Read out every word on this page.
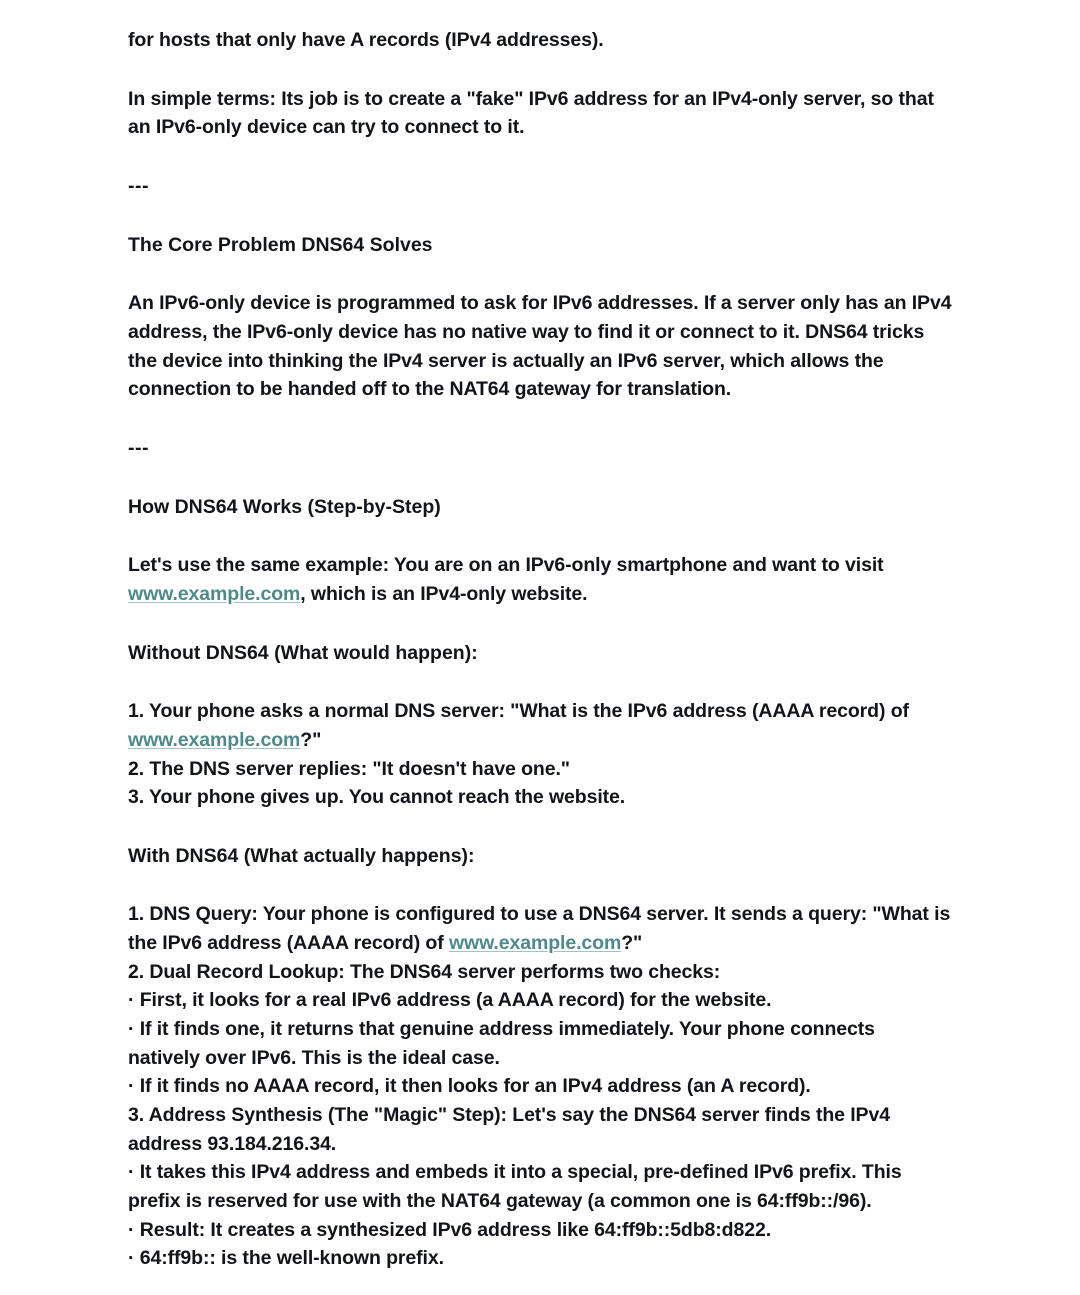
for hosts that only have A records (IPv4 addresses).

In simple terms: Its job is to create a "fake" IPv6 address for an IPv4-only server, so that an IPv6-only device can try to connect to it.

---

The Core Problem DNS64 Solves

An IPv6-only device is programmed to ask for IPv6 addresses. If a server only has an IPv4 address, the IPv6-only device has no native way to find it or connect to it. DNS64 tricks the device into thinking the IPv4 server is actually an IPv6 server, which allows the connection to be handed off to the NAT64 gateway for translation.

---

How DNS64 Works (Step-by-Step)

Let's use the same example: You are on an IPv6-only smartphone and want to visit www.example.com, which is an IPv4-only website.

Without DNS64 (What would happen):

1. Your phone asks a normal DNS server: "What is the IPv6 address (AAAA record) of www.example.com?"
2. The DNS server replies: "It doesn't have one."
3. Your phone gives up. You cannot reach the website.

With DNS64 (What actually happens):

1. DNS Query: Your phone is configured to use a DNS64 server. It sends a query: "What is the IPv6 address (AAAA record) of www.example.com?"
2. Dual Record Lookup: The DNS64 server performs two checks:
· First, it looks for a real IPv6 address (a AAAA record) for the website.
· If it finds one, it returns that genuine address immediately. Your phone connects natively over IPv6. This is the ideal case.
· If it finds no AAAA record, it then looks for an IPv4 address (an A record).
3. Address Synthesis (The "Magic" Step): Let's say the DNS64 server finds the IPv4 address 93.184.216.34.
· It takes this IPv4 address and embeds it into a special, pre-defined IPv6 prefix. This prefix is reserved for use with the NAT64 gateway (a common one is 64:ff9b::/96).
· Result: It creates a synthesized IPv6 address like 64:ff9b::5db8:d822.
· 64:ff9b:: is the well-known prefix.
